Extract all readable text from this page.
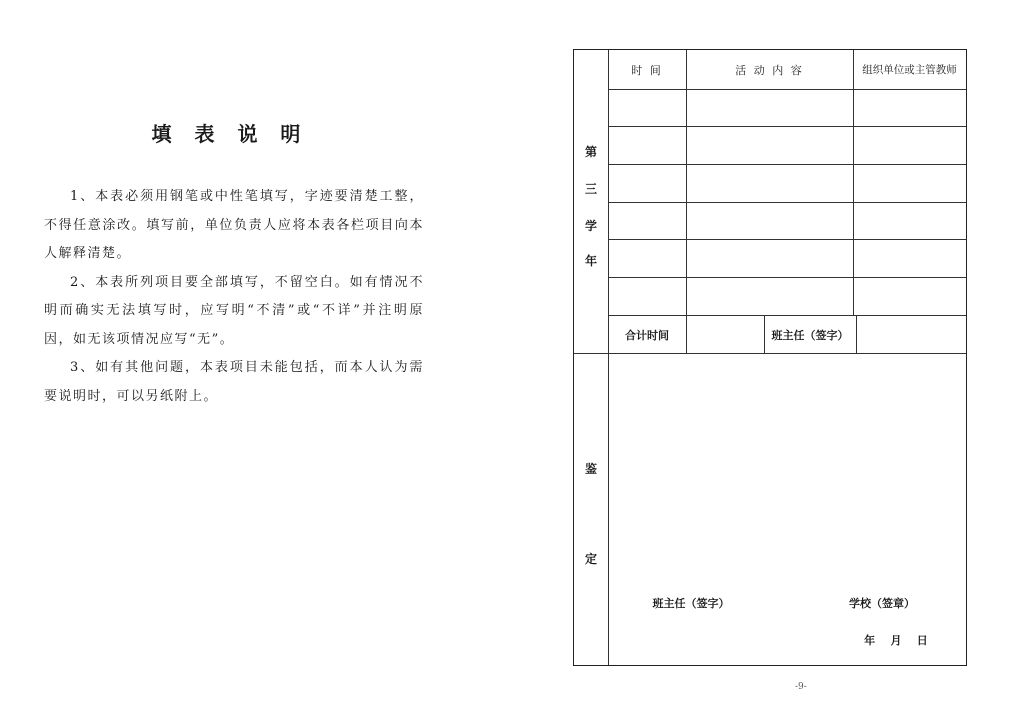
填 表 说 明

1、本表必须用钢笔或中性笔填写，字迹要清楚工整，不得任意涂改。填写前，单位负责人应将本表各栏项目向本人解释清楚。

2、本表所列项目要全部填写，不留空白。如有情况不明而确实无法填写时，应写明“不清”或“不详”并注明原因，如无该项情况应写“无”。

3、如有其他问题，本表项目未能包括，而本人认为需要说明时，可以另纸附上。

时 间	活 动 内 容	组织单位或主管教师
合计时间	班主任（签字）
第
三
学
年
鉴
定
班主任（签字）	学校（签章）
年    月    日
-9-
